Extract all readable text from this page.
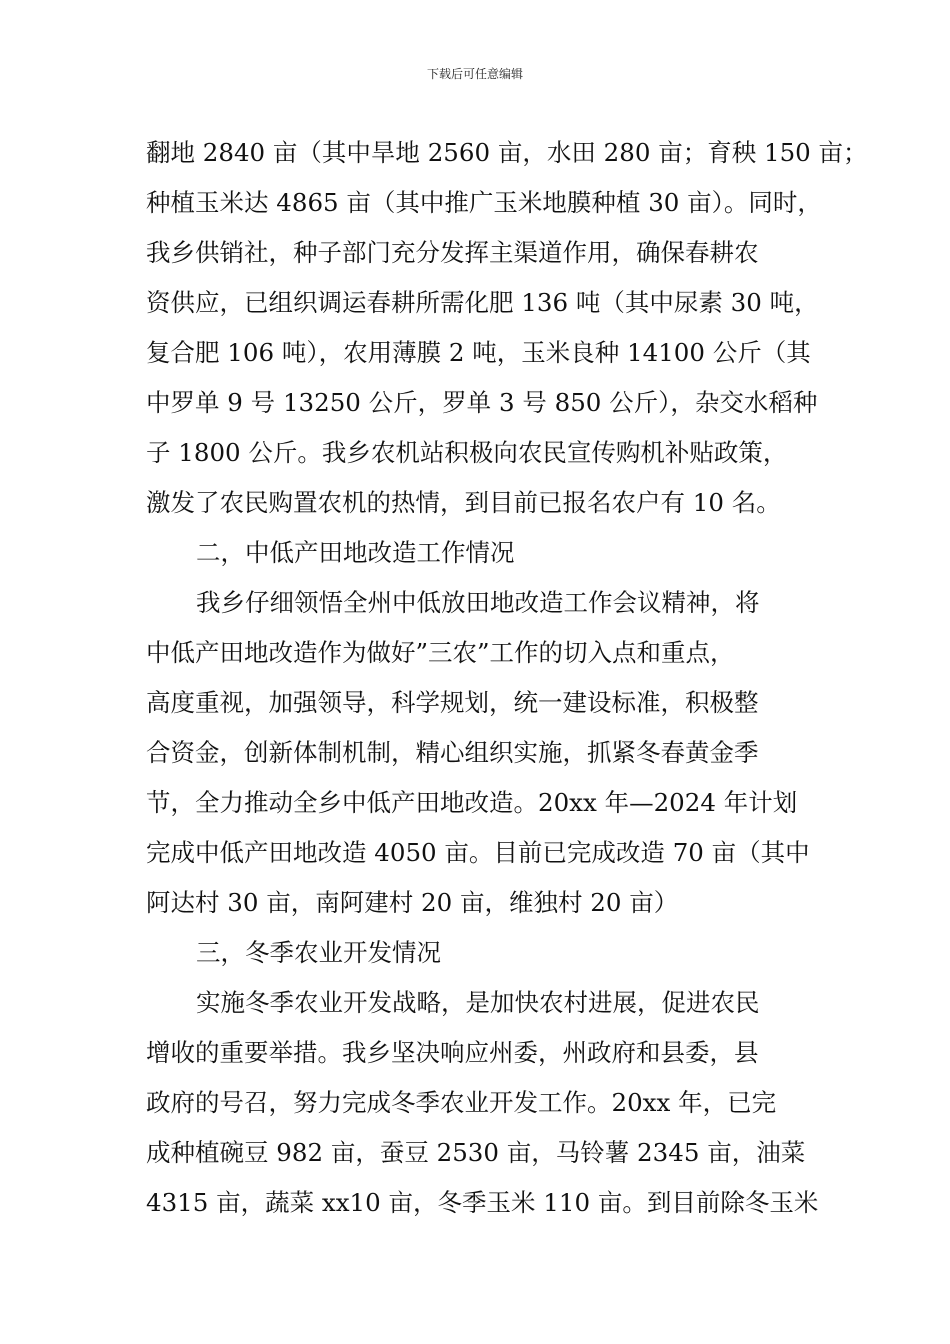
下载后可任意编辑
翻地 2840 亩（其中旱地 2560 亩，水田 280 亩；育秧 150 亩；
种植玉米达 4865 亩（其中推广玉米地膜种植 30 亩）。同时，
我乡供销社，种子部门充分发挥主渠道作用，确保春耕农
资供应，已组织调运春耕所需化肥 136 吨（其中尿素 30 吨，
复合肥 106 吨），农用薄膜 2 吨，玉米良种 14100 公斤（其
中罗单 9 号 13250 公斤，罗单 3 号 850 公斤），杂交水稻种
子 1800 公斤。我乡农机站积极向农民宣传购机补贴政策，
激发了农民购置农机的热情，到目前已报名农户有 10 名。
二，中低产田地改造工作情况
我乡仔细领悟全州中低放田地改造工作会议精神，将
中低产田地改造作为做好”三农”工作的切入点和重点，
高度重视，加强领导，科学规划，统一建设标准，积极整
合资金，创新体制机制，精心组织实施，抓紧冬春黄金季
节，全力推动全乡中低产田地改造。20xx 年—2024 年计划
完成中低产田地改造 4050 亩。目前已完成改造 70 亩（其中
阿达村 30 亩，南阿建村 20 亩，维独村 20 亩）
三，冬季农业开发情况
实施冬季农业开发战略，是加快农村进展，促进农民
增收的重要举措。我乡坚决响应州委，州政府和县委，县
政府的号召，努力完成冬季农业开发工作。20xx 年，已完
成种植碗豆 982 亩，蚕豆 2530 亩，马铃薯 2345 亩，油菜
4315 亩，蔬菜 xx10 亩，冬季玉米 110 亩。到目前除冬玉米
